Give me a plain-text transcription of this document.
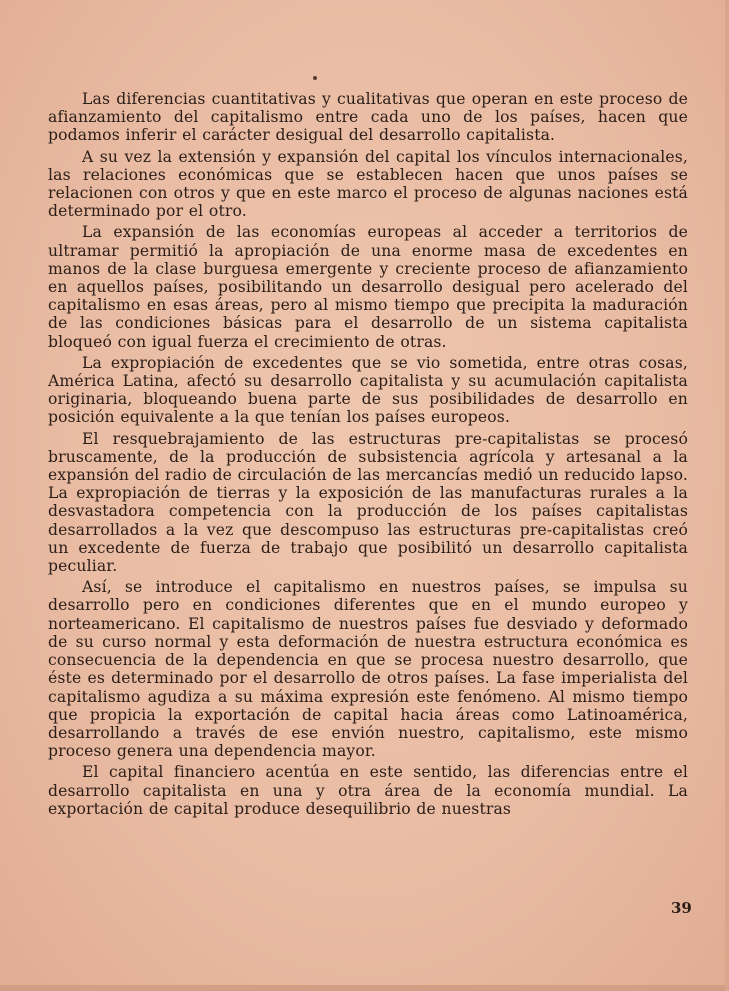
Las diferencias cuantitativas y cualitativas que operan en este proceso de afianzamiento del capitalismo entre cada uno de los países, hacen que podamos inferir el carácter desigual del desarrollo capitalista.

A su vez la extensión y expansión del capital los vínculos internacionales, las relaciones económicas que se establecen hacen que unos países se relacionen con otros y que en este marco el proceso de algunas naciones está determinado por el otro.

La expansión de las economías europeas al acceder a territorios de ultramar permitió la apropiación de una enorme masa de excedentes en manos de la clase burguesa emergente y creciente proceso de afianzamiento en aquellos países, posibilitando un desarrollo desigual pero acelerado del capitalismo en esas áreas, pero al mismo tiempo que precipita la maduración de las condiciones básicas para el desarrollo de un sistema capitalista bloqueó con igual fuerza el crecimiento de otras.

La expropiación de excedentes que se vio sometida, entre otras cosas, América Latina, afectó su desarrollo capitalista y su acumulación capitalista originaria, bloqueando buena parte de sus posibilidades de desarrollo en posición equivalente a la que tenían los países europeos.

El resquebrajamiento de las estructuras pre-capitalistas se procesó bruscamente, de la producción de subsistencia agrícola y artesanal a la expansión del radio de circulación de las mercancías medió un reducido lapso. La expropiación de tierras y la exposición de las manufacturas rurales a la desvastadora competencia con la producción de los países capitalistas desarrollados a la vez que descompuso las estructuras pre-capitalistas creó un excedente de fuerza de trabajo que posibilitó un desarrollo capitalista peculiar.

Así, se introduce el capitalismo en nuestros países, se impulsa su desarrollo pero en condiciones diferentes que en el mundo europeo y norteamericano. El capitalismo de nuestros países fue desviado y deformado de su curso normal y esta deformación de nuestra estructura económica es consecuencia de la dependencia en que se procesa nuestro desarrollo, que éste es determinado por el desarrollo de otros países. La fase imperialista del capitalismo agudiza a su máxima expresión este fenómeno. Al mismo tiempo que propicia la exportación de capital hacia áreas como Latinoamérica, desarrollando a través de ese envión nuestro, capitalismo, este mismo proceso genera una dependencia mayor.

El capital financiero acentúa en este sentido, las diferencias entre el desarrollo capitalista en una y otra área de la economía mundial. La exportación de capital produce desequilibrio de nuestras

39
